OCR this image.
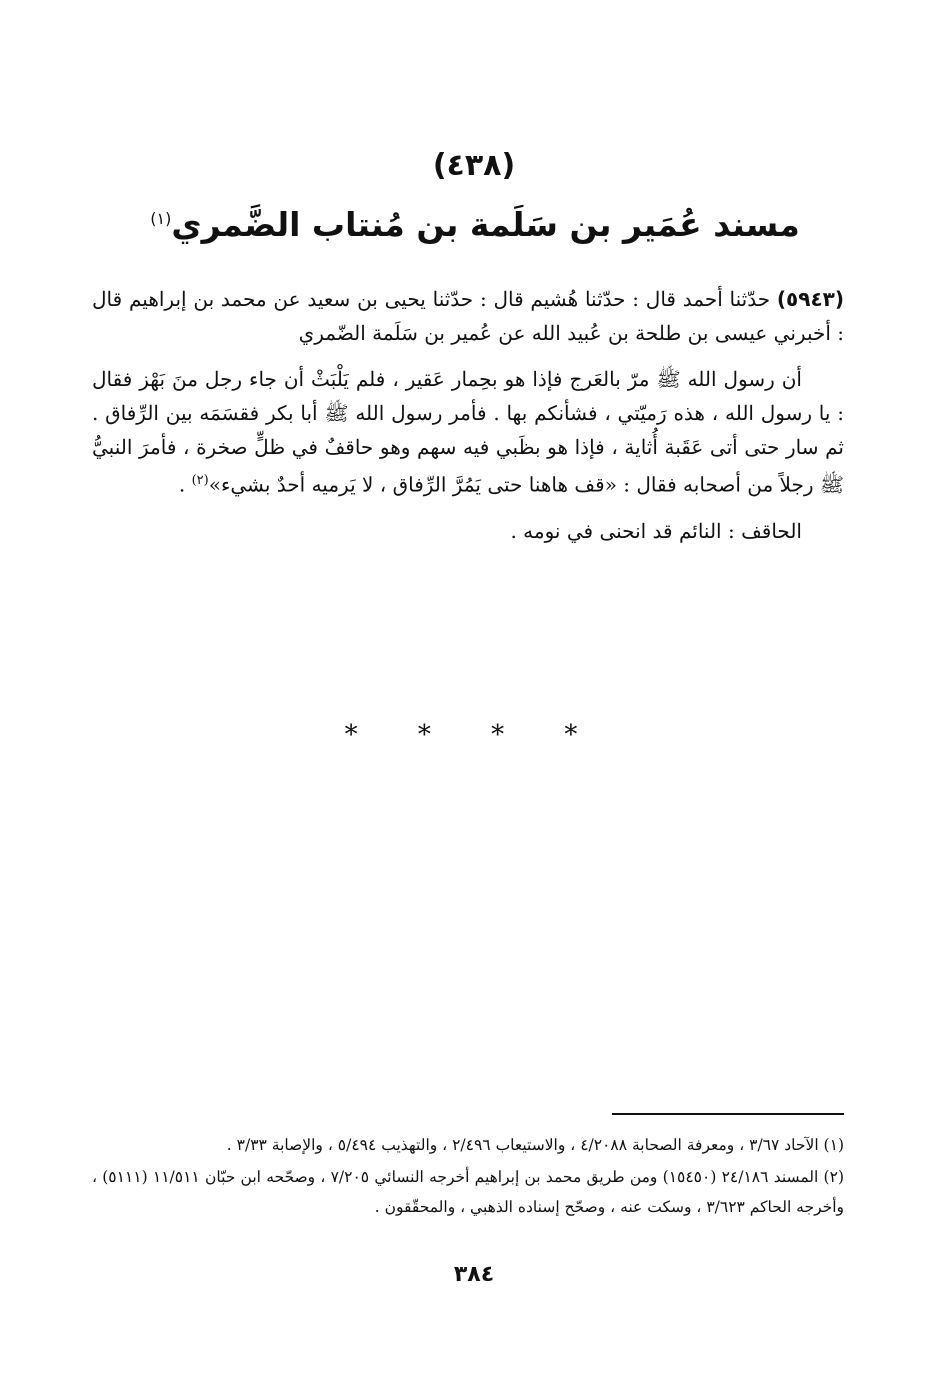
(٤٣٨)
مسند عُمَير بن سَلَمة بن مُنتاب الضَّمري$^{(١)}$

(٥٩٤٣) حدّثنا أحمد قال : حدّثنا هُشيم قال : حدّثنا يحيى بن سعيد عن محمد بن إبراهيم قال : أخبرني عيسى بن طلحة بن عُبيد الله عن عُمير بن سَلَمة الضّمري

أن رسول الله ﷺ مرّ بالعَرج فإذا هو بحِمار عَقير ، فلم يَلْبَثْ أن جاء رجل منَ بَهْز فقال : يا رسول الله ، هذه رَميّتي ، فشأنكم بها . فأمر رسول الله ﷺ أبا بكر فقسَمَه بين الرِّفاق . ثم سار حتى أتى عَقَبة أُثاية ، فإذا هو بظَبي فيه سهم وهو حاقفٌ في ظلٍّ صخرة ، فأمرَ النبيُّ ﷺ رجلاً من أصحابه فقال : «قف هاهنا حتى يَمُرَّ الرِّفاق ، لا يَرميه أحدٌ بشيء»$^{(٢)}$ .

الحاقف : النائم قد انحنى في نومه .

* * * *

(١) الآحاد ٣/٦٧ ، ومعرفة الصحابة ٤/٢٠٨٨ ، والاستيعاب ٢/٤٩٦ ، والتهذيب ٥/٤٩٤ ، والإصابة ٣/٣٣ .

(٢) المسند ٢٤/١٨٦ (١٥٤٥٠) ومن طريق محمد بن إبراهيم أخرجه النسائي ٧/٢٠٥ ، وصحّحه ابن حبّان ١١/٥١١ (٥١١١) ، وأخرجه الحاكم ٣/٦٢٣ ، وسكت عنه ، وصحّح إسناده الذهبي ، والمحقّقون .

٣٨٤
